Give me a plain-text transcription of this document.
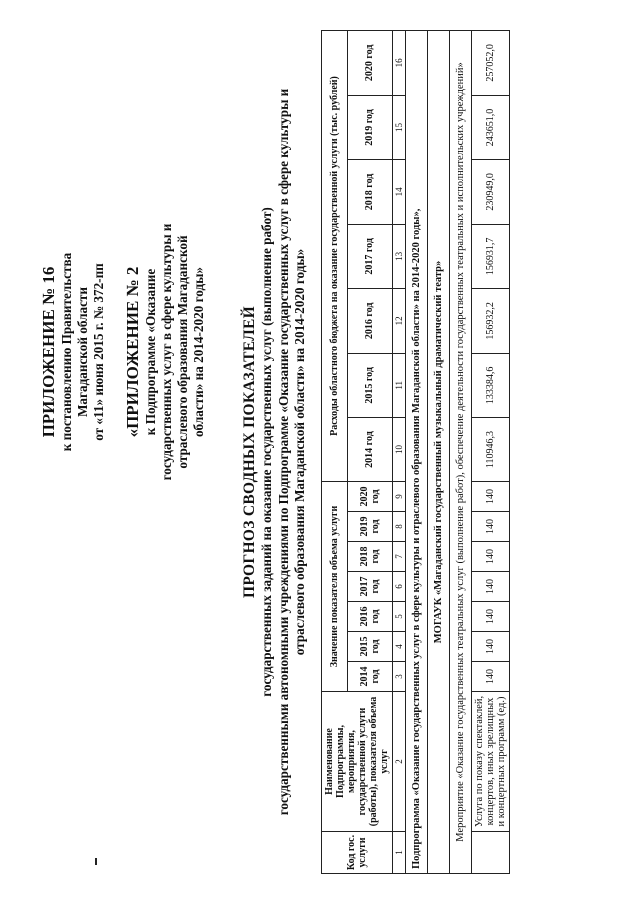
ПРИЛОЖЕНИЕ № 16 к постановлению Правительства Магаданской области от «11» июня 2015 г. № 372-пп «ПРИЛОЖЕНИЕ № 2 к Подпрограмме «Оказание государственных услуг в сфере культуры и отраслевого образования Магаданской области» на 2014-2020 годы» ПРОГНОЗ СВОДНЫХ ПОКАЗАТЕЛЕЙ государственных заданий на оказание государственных услуг (выполнение работ) государственными автономными учреждениями по Подпрограмме «Оказание государственных услуг в сфере культуры и отраслевого образования Магаданской области» на 2014-2020 годы»
Код гос. услуги	Наименование Подпрограммы, мероприятия, государственной услуги (работы), показателя объема услуг	Значение показателя объема услуги							Расходы областного бюджета на оказание государственной услуги (тыс. рублей)						
		2014 год	2015 год	2016 год	2017 год	2018 год	2019 год	2020 год	2014 год	2015 год	2016 год	2017 год	2018 год	2019 год	2020 год
1	2	3	4	5	6	7	8	9	10	11	12	13	14	15	16
Подпрограмма «Оказание государственных услуг в сфере культуры и отраслевого образования Магаданской области» на 2014-2020 годы»,															
МОГАУК «Магаданский государственный музыкальный драматический театр»															
Мероприятие «Оказание государственных театральных услуг (выполнение работ), обеспечение деятельности государственных театральных и исполнительских учреждений»															
	Услуга по показу спектаклей, концертов, иных зрелищных и концертных программ (ед.)	140	140	140	140	140	140	140	110946,3	133384,6	156932,2	156931,7	230949,0	243651,0	257052,0
